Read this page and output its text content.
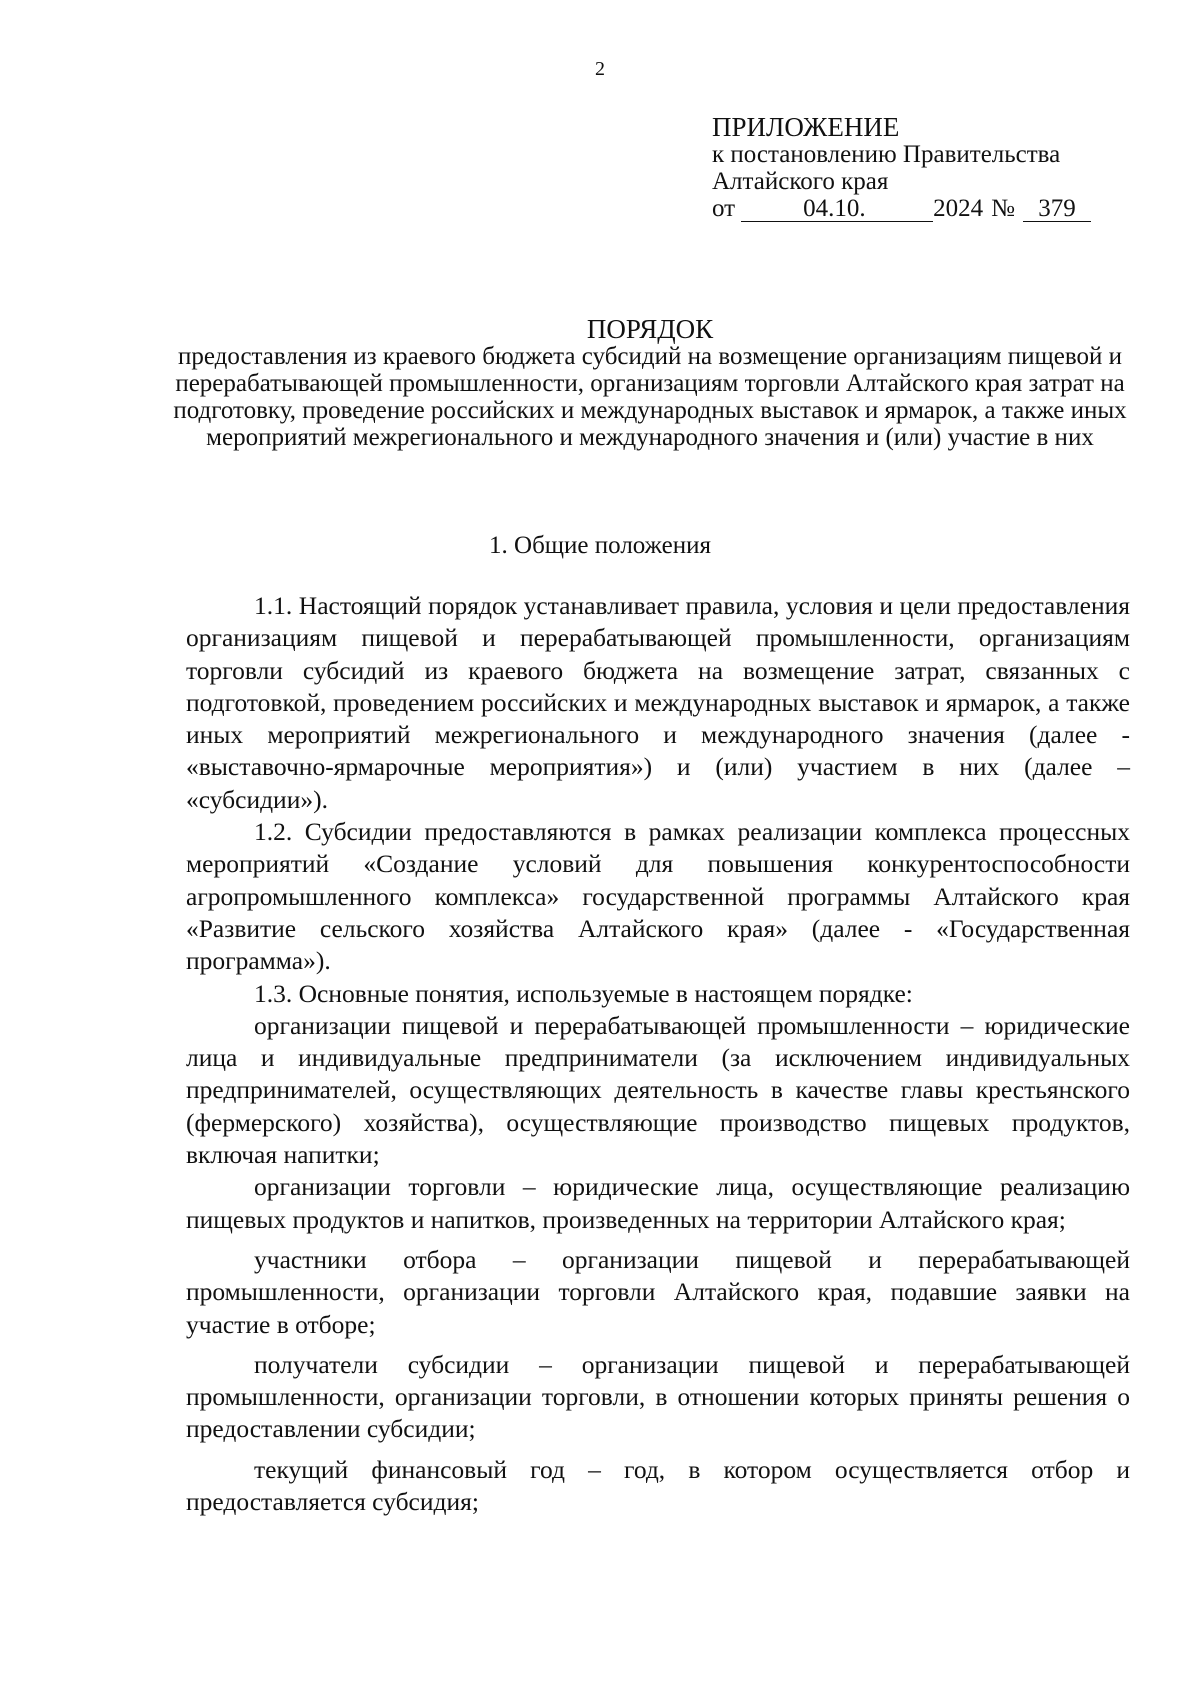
2
ПРИЛОЖЕНИЕ
к постановлению Правительства
Алтайского края
от	04.10.	2024 № 379
ПОРЯДОК
предоставления из краевого бюджета субсидий на возмещение организациям пищевой и перерабатывающей промышленности, организациям торговли Алтайского края затрат на подготовку, проведение российских и международных выставок и ярмарок, а также иных мероприятий межрегионального и международного значения и (или) участие в них
1. Общие положения

1.1. Настоящий порядок устанавливает правила, условия и цели предоставления организациям пищевой и перерабатывающей промышленности, организациям торговли субсидий из краевого бюджета на возмещение затрат, связанных с подготовкой, проведением российских и международных выставок и ярмарок, а также иных мероприятий межрегионального и международного значения (далее - «выставочно-ярмарочные мероприятия») и (или) участием в них (далее – «субсидии»).

1.2. Субсидии предоставляются в рамках реализации комплекса процессных мероприятий «Создание условий для повышения конкурентоспособности агропромышленного комплекса» государственной программы Алтайского края «Развитие сельского хозяйства Алтайского края» (далее - «Государственная программа»).

1.3. Основные понятия, используемые в настоящем порядке:

организации пищевой и перерабатывающей промышленности – юридические лица и индивидуальные предприниматели (за исключением индивидуальных предпринимателей, осуществляющих деятельность в качестве главы крестьянского (фермерского) хозяйства), осуществляющие производство пищевых продуктов, включая напитки;

организации торговли – юридические лица, осуществляющие реализацию пищевых продуктов и напитков, произведенных на территории Алтайского края;

участники отбора – организации пищевой и перерабатывающей промышленности, организации торговли Алтайского края, подавшие заявки на участие в отборе;

получатели субсидии – организации пищевой и перерабатывающей промышленности, организации торговли, в отношении которых приняты решения о предоставлении субсидии;

текущий финансовый год – год, в котором осуществляется отбор и предоставляется субсидия;
